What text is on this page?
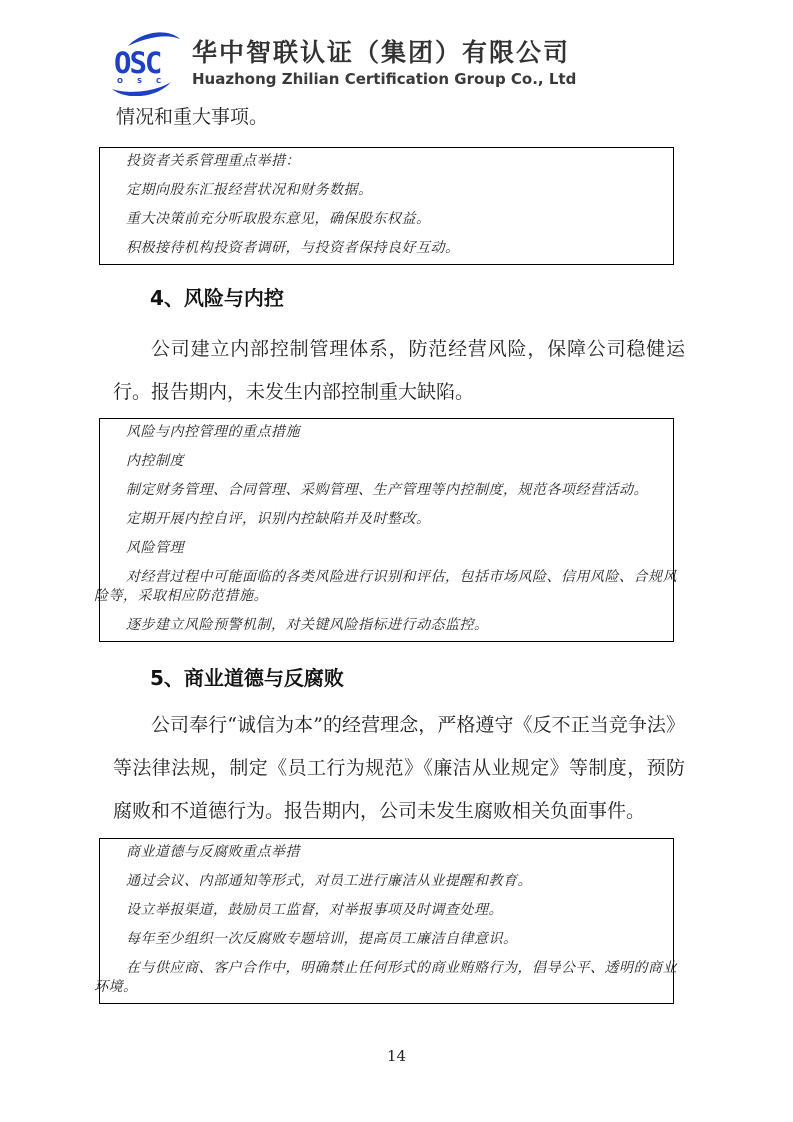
OSC
OSC
华中智联认证（集团）有限公司
Huazhong Zhilian Certification Group Co., Ltd

情况和重大事项。

投资者关系管理重点举措：

定期向股东汇报经营状况和财务数据。

重大决策前充分听取股东意见，确保股东权益。

积极接待机构投资者调研，与投资者保持良好互动。

4、风险与内控

公司建立内部控制管理体系，防范经营风险，保障公司稳健运行。报告期内，未发生内部控制重大缺陷。

风险与内控管理的重点措施

内控制度

制定财务管理、合同管理、采购管理、生产管理等内控制度，规范各项经营活动。

定期开展内控自评，识别内控缺陷并及时整改。

风险管理

对经营过程中可能面临的各类风险进行识别和评估，包括市场风险、信用风险、合规风险等，采取相应防范措施。

逐步建立风险预警机制，对关键风险指标进行动态监控。

5、商业道德与反腐败

公司奉行“诚信为本”的经营理念，严格遵守《反不正当竞争法》等法律法规，制定《员工行为规范》《廉洁从业规定》等制度，预防腐败和不道德行为。报告期内，公司未发生腐败相关负面事件。

商业道德与反腐败重点举措

通过会议、内部通知等形式，对员工进行廉洁从业提醒和教育。

设立举报渠道，鼓励员工监督，对举报事项及时调查处理。

每年至少组织一次反腐败专题培训，提高员工廉洁自律意识。

在与供应商、客户合作中，明确禁止任何形式的商业贿赂行为，倡导公平、透明的商业环境。

14
